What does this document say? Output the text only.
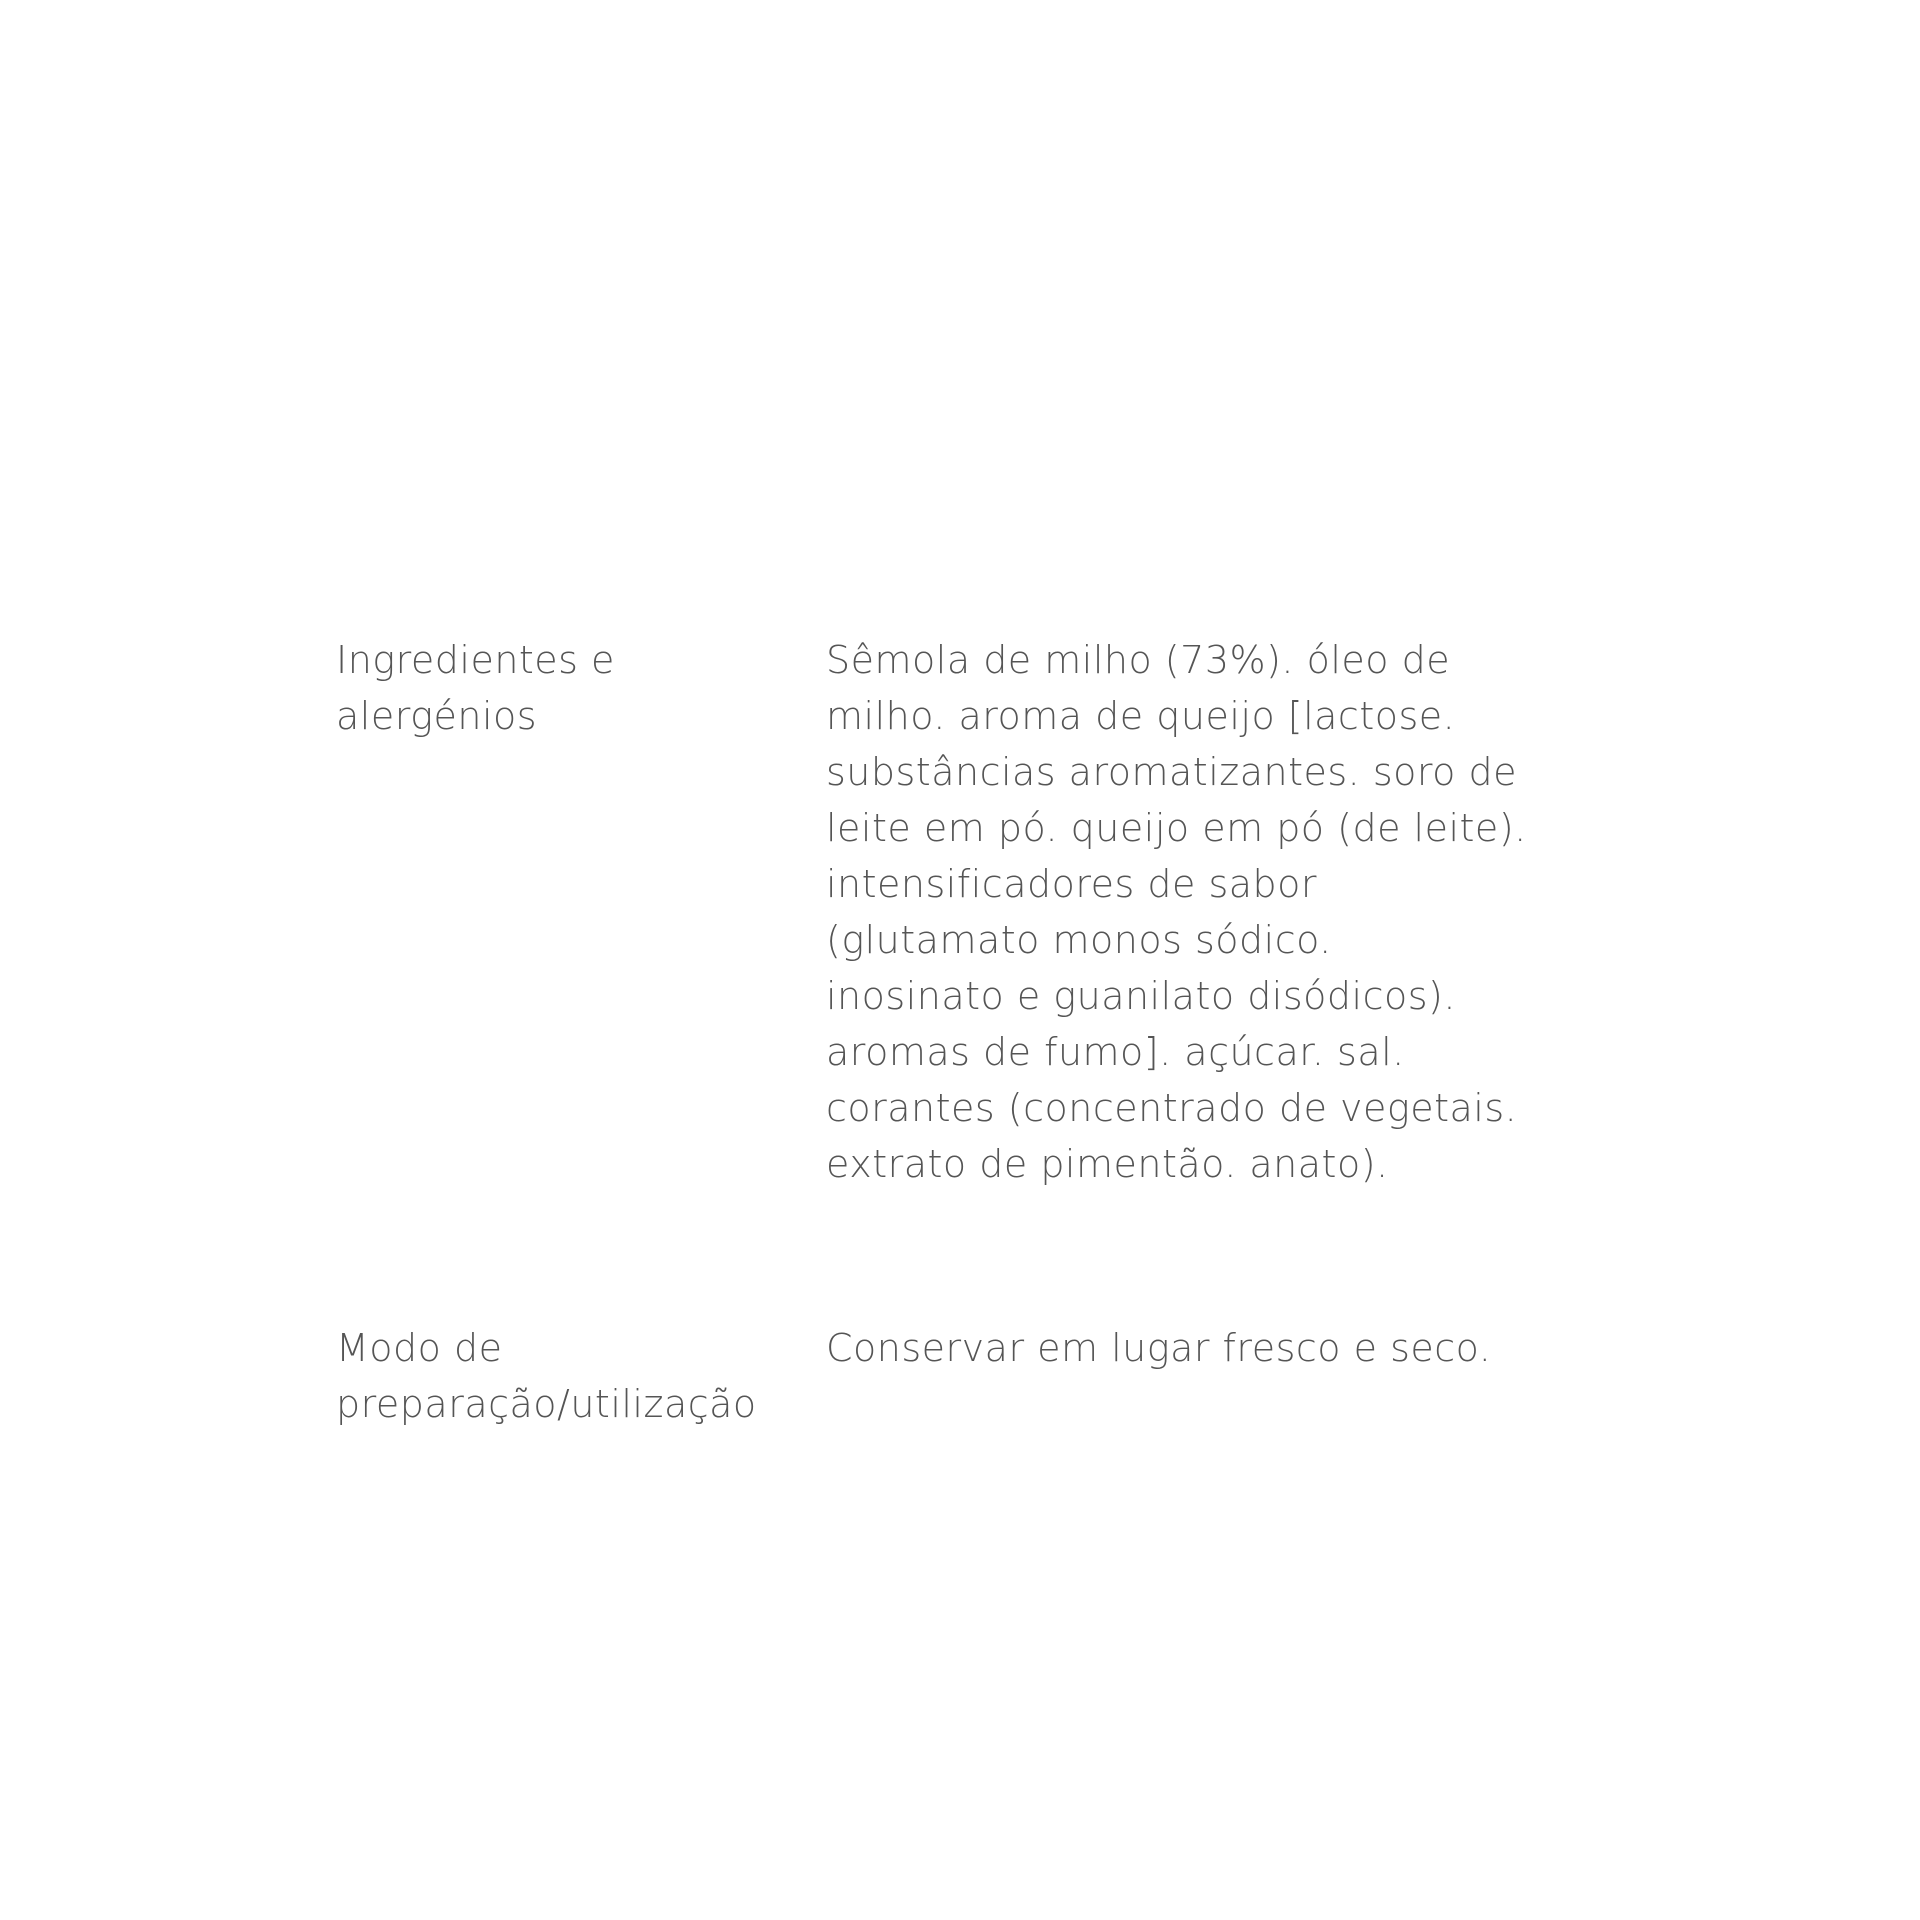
Ingredientes e
alergénios
Sêmola de milho (73%). óleo de
milho. aroma de queijo [lactose.
substâncias aromatizantes. soro de
leite em pó. queijo em pó (de leite).
intensificadores de sabor
(glutamato monos sódico.
inosinato e guanilato disódicos).
aromas de fumo]. açúcar. sal.
corantes (concentrado de vegetais.
extrato de pimentão. anato).
Modo de
preparação/utilização
Conservar em lugar fresco e seco.
